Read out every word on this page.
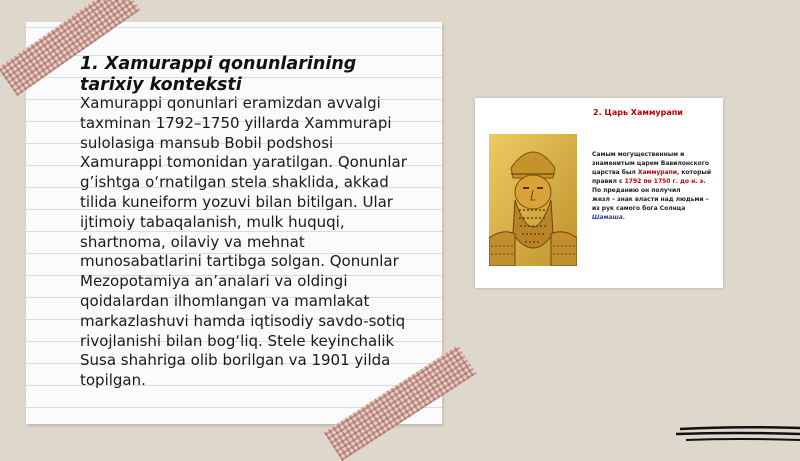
1. Xamurappi qonunlarining tarixiy konteksti

Xamurappi qonunlari eramizdan avvalgi taxminan 1792–1750 yillarda Xammurapi sulolasiga mansub Bobil podshosi Xamurappi tomonidan yaratilgan. Qonunlar g’ishtga o‘rnatilgan stela shaklida, akkad tilida kuneiform yozuvi bilan bitilgan. Ular ijtimoiy tabaqalanish, mulk huquqi, shartnoma, oilaviy va mehnat munosabatlarini tartibga solgan. Qonunlar Mezopotamiya an’analari va oldingi qoidalardan ilhomlangan va mamlakat markazlashuvi hamda iqtisodiy savdo-sotiq rivojlanishi bilan bog‘liq. Stele keyinchalik Susa shahriga olib borilgan va 1901 yilda topilgan.

2. Царь Хаммурапи

Самым могущественным и знаменитым царем Вавилонского царства был Хаммурапи, который правил с 1792 по 1750 г. до н. э.

По преданию он получил

жезл – знак власти над людьми – из рук самого бога Солнца Шамаша.
